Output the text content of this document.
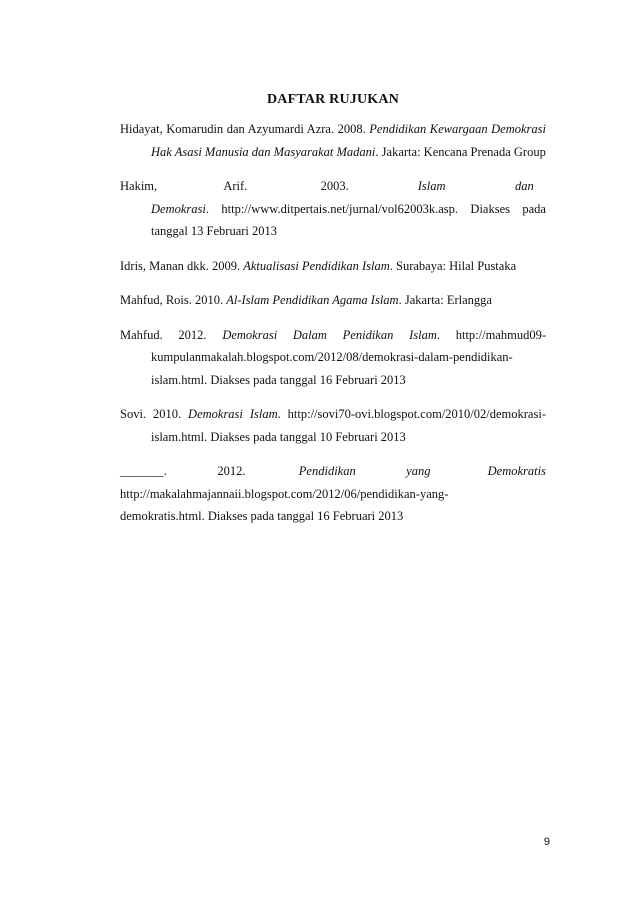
DAFTAR RUJUKAN
Hidayat, Komarudin dan Azyumardi Azra. 2008. Pendidikan Kewargaan Demokrasi Hak Asasi Manusia dan Masyarakat Madani. Jakarta: Kencana Prenada Group
Hakim,	Arif.	2003.	Islam	dan
Demokrasi. http://www.ditpertais.net/jurnal/vol62003k.asp. Diakses pada tanggal 13 Februari 2013
Idris, Manan dkk. 2009. Aktualisasi Pendidikan Islam. Surabaya: Hilal Pustaka
Mahfud, Rois. 2010. Al-Islam Pendidikan Agama Islam. Jakarta: Erlangga
Mahfud. 2012. Demokrasi Dalam Penidikan Islam. http://mahmud09-kumpulanmakalah.blogspot.com/2012/08/demokrasi-dalam-pendidikan-islam.html. Diakses pada tanggal 16 Februari 2013
Sovi. 2010. Demokrasi Islam. http://sovi70-ovi.blogspot.com/2010/02/demokrasi-islam.html. Diakses pada tanggal 10 Februari 2013
_______.	2012.	Pendidikan	yang	Demokratis
http://makalahmajannaii.blogspot.com/2012/06/pendidikan-yang-
demokratis.html. Diakses pada tanggal 16 Februari 2013
9
